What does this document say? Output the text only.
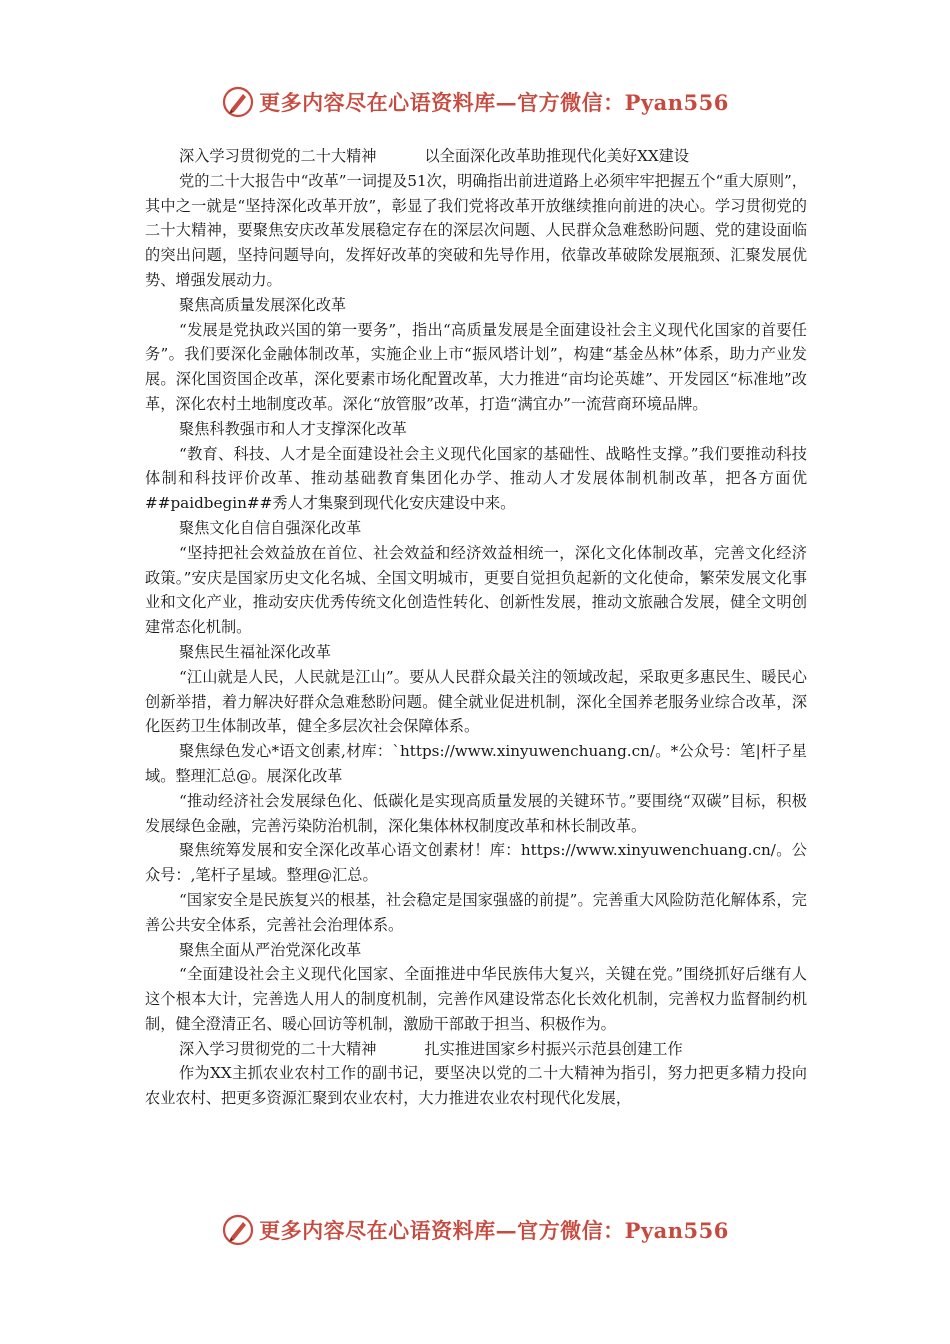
更多内容尽在心语资料库—官方微信：Pyan556

深入学习贯彻党的二十大精神	以全面深化改革助推现代化美好XX建设

党的二十大报告中“改革”一词提及51次，明确指出前进道路上必须牢牢把握五个“重大原则”，其中之一就是“坚持深化改革开放”，彰显了我们党将改革开放继续推向前进的决心。学习贯彻党的二十大精神，要聚焦安庆改革发展稳定存在的深层次问题、人民群众急难愁盼问题、党的建设面临的突出问题，坚持问题导向，发挥好改革的突破和先导作用，依靠改革破除发展瓶颈、汇聚发展优势、增强发展动力。

聚焦高质量发展深化改革

“发展是党执政兴国的第一要务”，指出“高质量发展是全面建设社会主义现代化国家的首要任务”。我们要深化金融体制改革，实施企业上市“振风塔计划”，构建“基金丛林”体系，助力产业发展。深化国资国企改革，深化要素市场化配置改革，大力推进“亩均论英雄”、开发园区“标准地”改革，深化农村土地制度改革。深化“放管服”改革，打造“满宜办”一流营商环境品牌。

聚焦科教强市和人才支撑深化改革

“教育、科技、人才是全面建设社会主义现代化国家的基础性、战略性支撑。”我们要推动科技体制和科技评价改革、推动基础教育集团化办学、推动人才发展体制机制改革，把各方面优##paidbegin##秀人才集聚到现代化安庆建设中来。

聚焦文化自信自强深化改革

“坚持把社会效益放在首位、社会效益和经济效益相统一，深化文化体制改革，完善文化经济政策。”安庆是国家历史文化名城、全国文明城市，更要自觉担负起新的文化使命，繁荣发展文化事业和文化产业，推动安庆优秀传统文化创造性转化、创新性发展，推动文旅融合发展，健全文明创建常态化机制。

聚焦民生福祉深化改革

“江山就是人民，人民就是江山”。要从人民群众最关注的领域改起，采取更多惠民生、暖民心创新举措，着力解决好群众急难愁盼问题。健全就业促进机制，深化全国养老服务业综合改革，深化医药卫生体制改革，健全多层次社会保障体系。

聚焦绿色发心*语文创素,材库：`https://www.xinyuwenchuang.cn/。*公众号：笔|杆子星域。整理汇总@。展深化改革

“推动经济社会发展绿色化、低碳化是实现高质量发展的关键环节。”要围绕“双碳”目标，积极发展绿色金融，完善污染防治机制，深化集体林权制度改革和林长制改革。

聚焦统筹发展和安全深化改革心语文创素材！库：https://www.xinyuwenchuang.cn/。公众号：,笔杆子星域。整理@汇总。

“国家安全是民族复兴的根基，社会稳定是国家强盛的前提”。完善重大风险防范化解体系，完善公共安全体系，完善社会治理体系。

聚焦全面从严治党深化改革

“全面建设社会主义现代化国家、全面推进中华民族伟大复兴，关键在党。”围绕抓好后继有人这个根本大计，完善选人用人的制度机制，完善作风建设常态化长效化机制，完善权力监督制约机制，健全澄清正名、暖心回访等机制，激励干部敢于担当、积极作为。

深入学习贯彻党的二十大精神	扎实推进国家乡村振兴示范县创建工作

作为XX主抓农业农村工作的副书记，要坚决以党的二十大精神为指引，努力把更多精力投向农业农村、把更多资源汇聚到农业农村，大力推进农业农村现代化发展，

更多内容尽在心语资料库—官方微信：Pyan556
